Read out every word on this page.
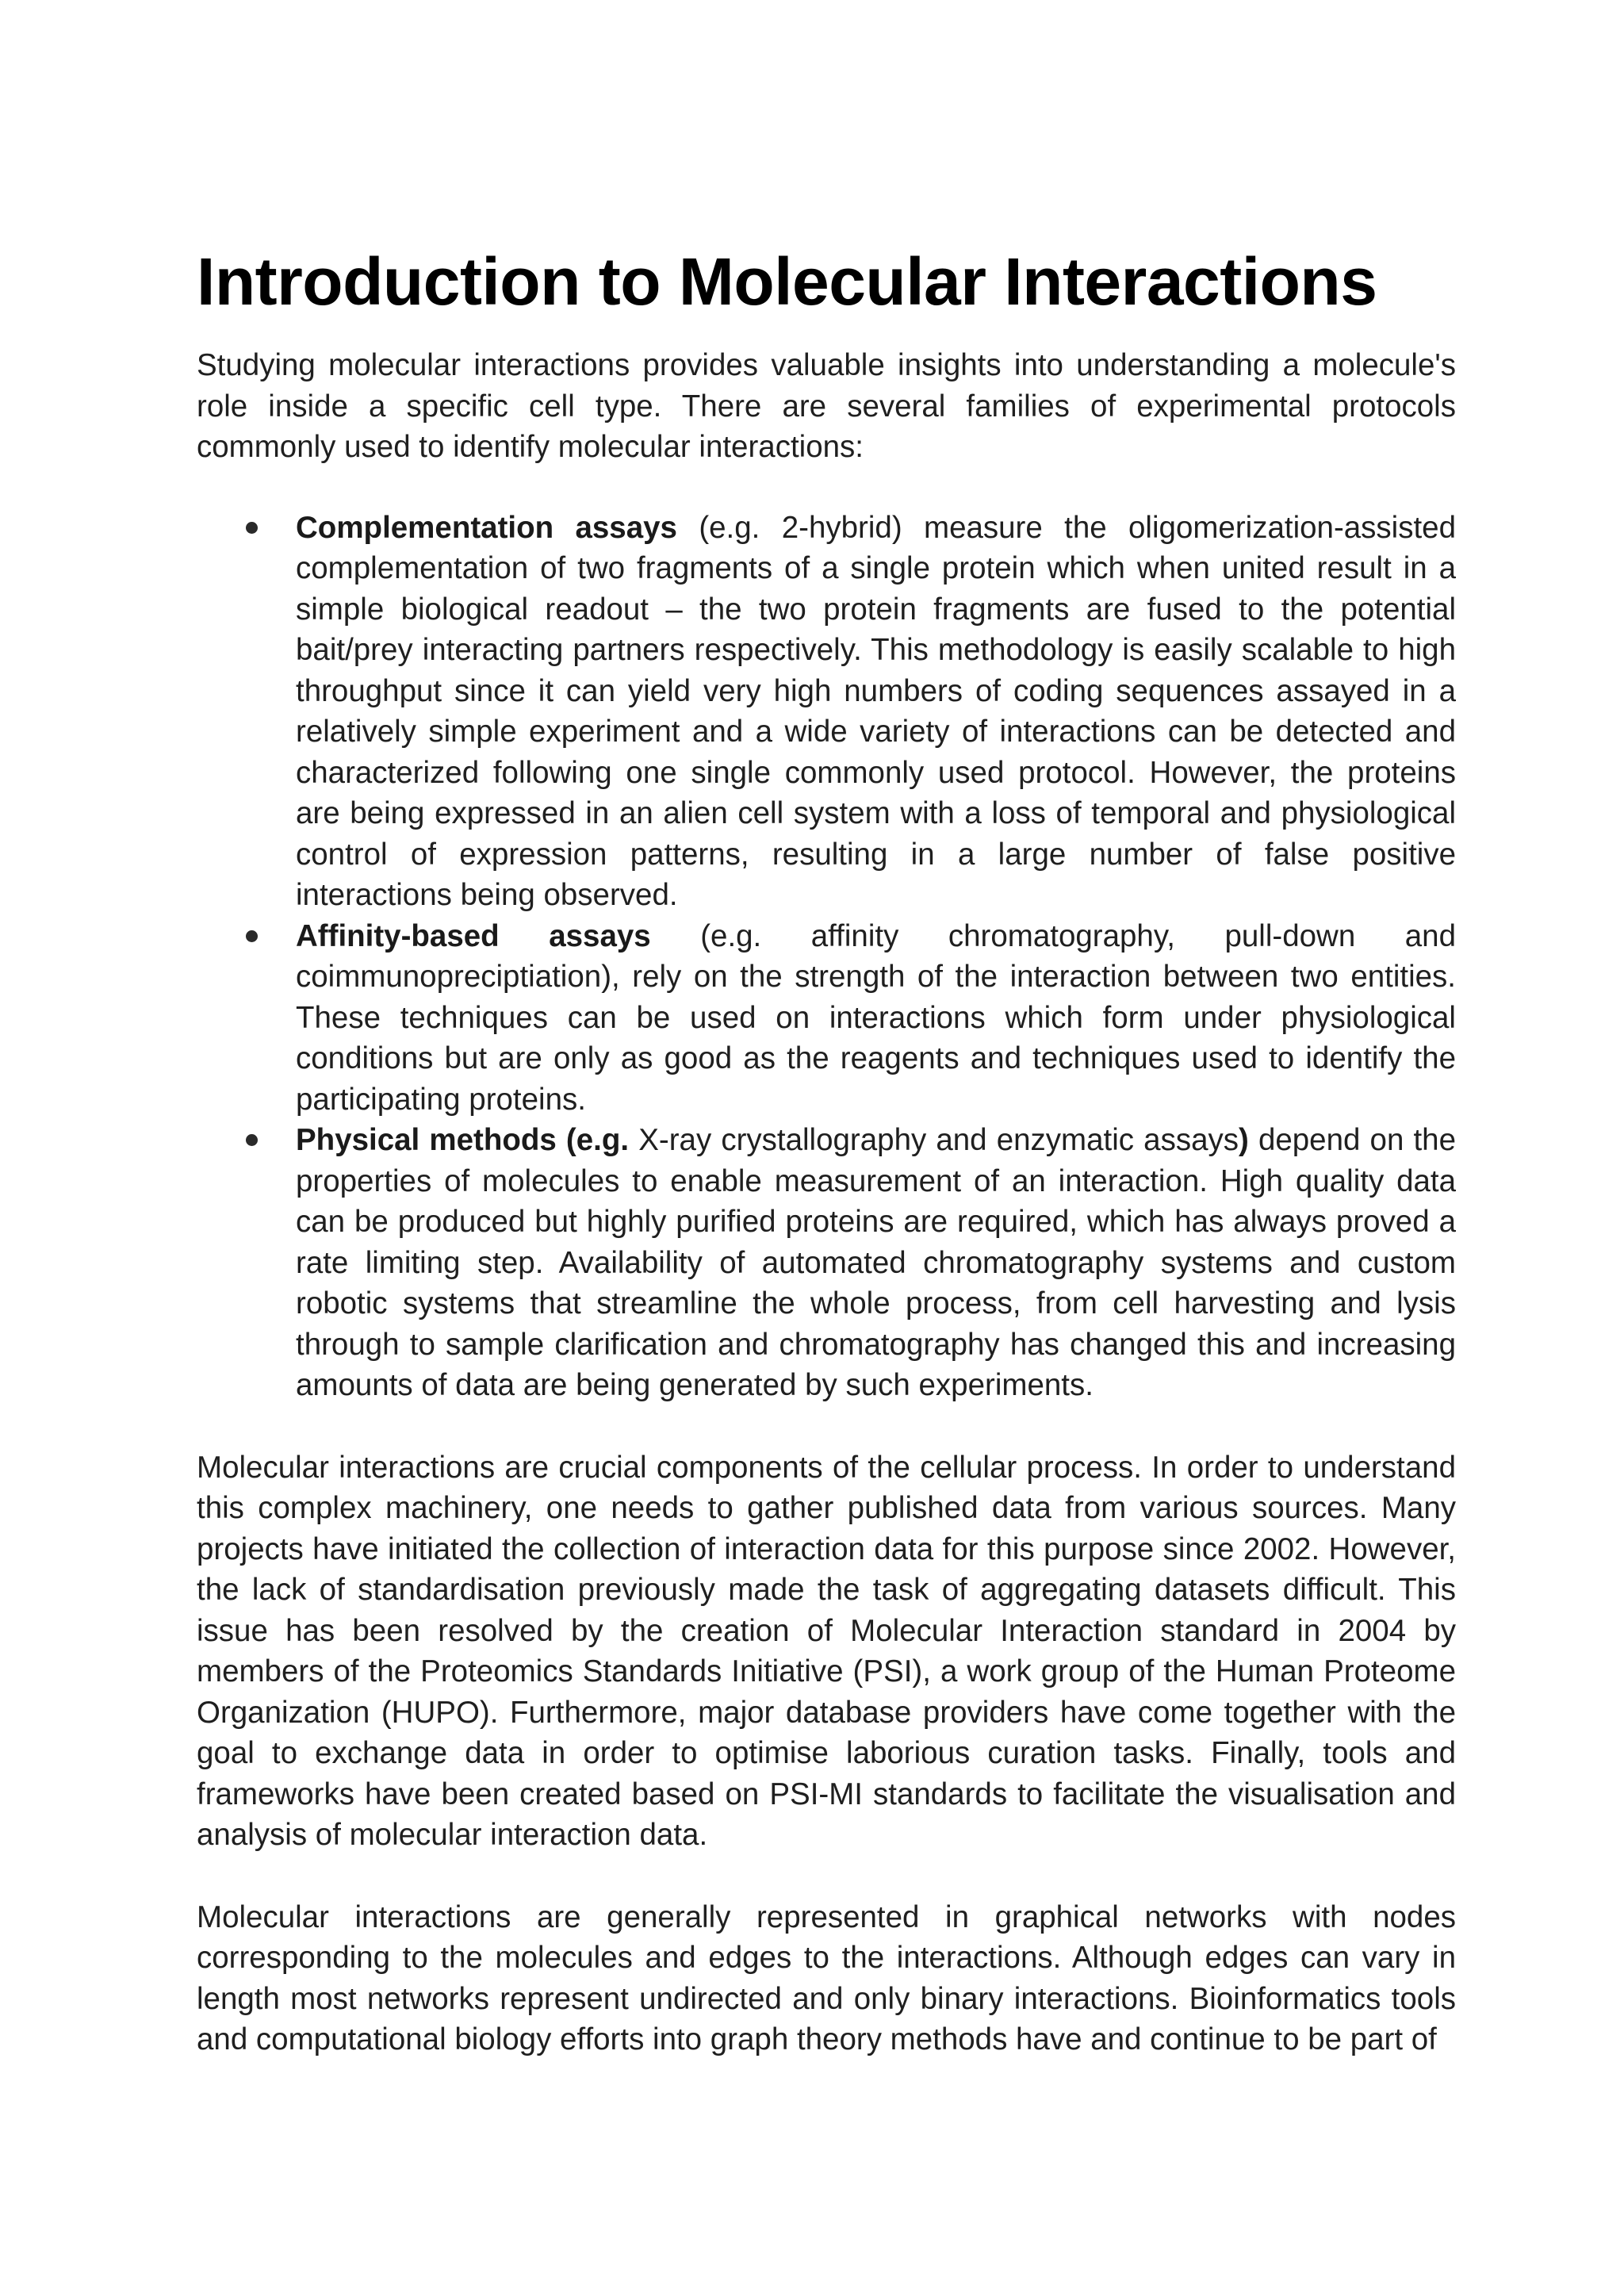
Introduction to Molecular Interactions

Studying molecular interactions provides valuable insights into understanding a molecule's role inside a specific cell type. There are several families of experimental protocols commonly used to identify molecular interactions:

Complementation assays (e.g. 2-hybrid) measure the oligomerization-assisted complementation of two fragments of a single protein which when united result in a simple biological readout – the two protein fragments are fused to the potential bait/prey interacting partners respectively. This methodology is easily scalable to high throughput since it can yield very high numbers of coding sequences assayed in a relatively simple experiment and a wide variety of interactions can be detected and characterized following one single commonly used protocol. However, the proteins are being expressed in an alien cell system with a loss of temporal and physiological control of expression patterns, resulting in a large number of false positive interactions being observed.
Affinity-based assays (e.g. affinity chromatography, pull-down and coimmunopreciptiation), rely on the strength of the interaction between two entities. These techniques can be used on interactions which form under physiological conditions but are only as good as the reagents and techniques used to identify the participating proteins.
Physical methods (e.g. X-ray crystallography and enzymatic assays) depend on the properties of molecules to enable measurement of an interaction. High quality data can be produced but highly purified proteins are required, which has always proved a rate limiting step. Availability of automated chromatography systems and custom robotic systems that streamline the whole process, from cell harvesting and lysis through to sample clarification and chromatography has changed this and increasing amounts of data are being generated by such experiments.

Molecular interactions are crucial components of the cellular process. In order to understand this complex machinery, one needs to gather published data from various sources. Many projects have initiated the collection of interaction data for this purpose since 2002. However, the lack of standardisation previously made the task of aggregating datasets difficult. This issue has been resolved by the creation of Molecular Interaction standard in 2004 by members of the Proteomics Standards Initiative (PSI), a work group of the Human Proteome Organization (HUPO). Furthermore, major database providers have come together with the goal to exchange data in order to optimise laborious curation tasks. Finally, tools and frameworks have been created based on PSI-MI standards to facilitate the visualisation and analysis of molecular interaction data.

Molecular interactions are generally represented in graphical networks with nodes corresponding to the molecules and edges to the interactions. Although edges can vary in length most networks represent undirected and only binary interactions. Bioinformatics tools and computational biology efforts into graph theory methods have and continue to be part of
